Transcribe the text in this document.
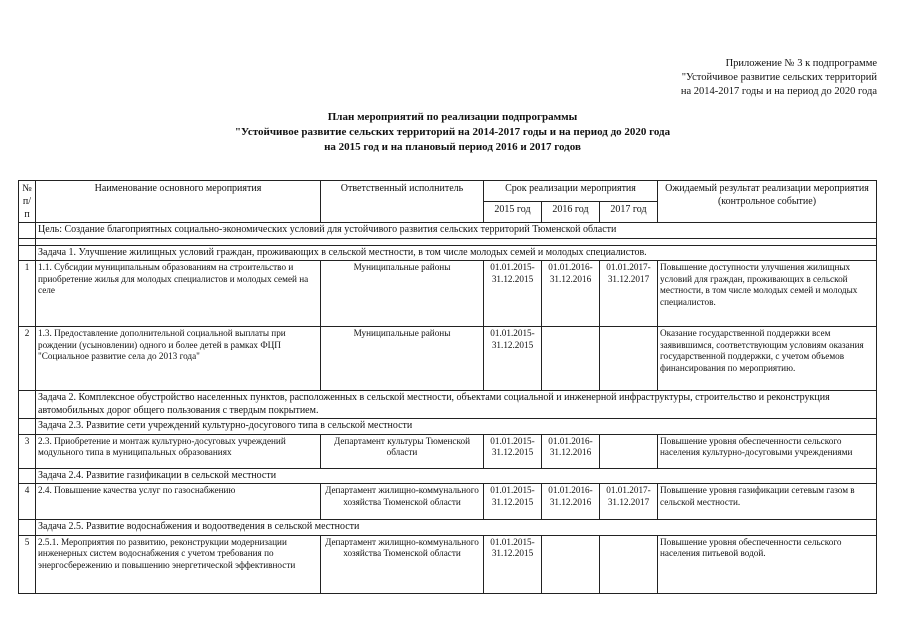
Приложение № 3 к подпрограмме
"Устойчивое развитие сельских территорий
на 2014-2017 годы и на период до 2020 года
План мероприятий по реализации подпрограммы
"Устойчивое развитие сельских территорий на 2014-2017 годы и на период до 2020 года
на 2015 год и на плановый период 2016 и 2017 годов
№ п/п	Наименование основного мероприятия	Ответственный исполнитель	Срок реализации мероприятия			Ожидаемый результат реализации мероприятия (контрольное событие)
			2015 год	2016 год	2017 год	
	Цель: Создание благоприятных социально-экономических условий для устойчивого развития сельских территорий Тюменской области					

	Задача 1. Улучшение жилищных условий граждан, проживающих в сельской местности, в том числе молодых семей и молодых специалистов.					
1	1.1. Субсидии муниципальным образованиям на строительство и приобретение жилья для молодых специалистов и молодых семей на селе	Муниципальные районы	01.01.2015-31.12.2015	01.01.2016-31.12.2016	01.01.2017-31.12.2017	Повышение доступности улучшения жилищных условий для граждан, проживающих в сельской местности, в том числе молодых семей и молодых специалистов.
2	1.3. Предоставление дополнительной социальной выплаты при рождении (усыновлении) одного и более детей в рамках ФЦП "Социальное развитие села до 2013 года"	Муниципальные районы	01.01.2015-31.12.2015			Оказание государственной поддержки всем заявившимся, соответствующим условиям оказания государственной поддержки, с учетом объемов финансирования по мероприятию.
	Задача 2. Комплексное обустройство населенных пунктов, расположенных в сельской местности, объектами социальной и инженерной инфраструктуры, строительство и реконструкция автомобильных дорог общего пользования с твердым покрытием.					
	Задача 2.3. Развитие сети учреждений культурно-досугового типа в сельской местности					
3	2.3. Приобретение и монтаж культурно-досуговых учреждений модульного типа в муниципальных образованиях	Департамент культуры Тюменской области	01.01.2015-31.12.2015	01.01.2016-31.12.2016		Повышение уровня обеспеченности сельского населения культурно-досуговыми учреждениями
	Задача 2.4. Развитие газификации в сельской местности					
4	2.4. Повышение качества услуг по газоснабжению	Департамент жилищно-коммунального хозяйства Тюменской области	01.01.2015-31.12.2015	01.01.2016-31.12.2016	01.01.2017-31.12.2017	Повышение уровня газификации сетевым газом в сельской местности.
	Задача 2.5. Развитие водоснабжения и водоотведения в сельской местности					
5	2.5.1. Мероприятия по развитию, реконструкции модернизации инженерных систем водоснабжения с учетом требования по энергосбережению и повышению энергетической эффективности	Департамент жилищно-коммунального хозяйства Тюменской области	01.01.2015-31.12.2015			Повышение уровня обеспеченности сельского населения питьевой водой.
